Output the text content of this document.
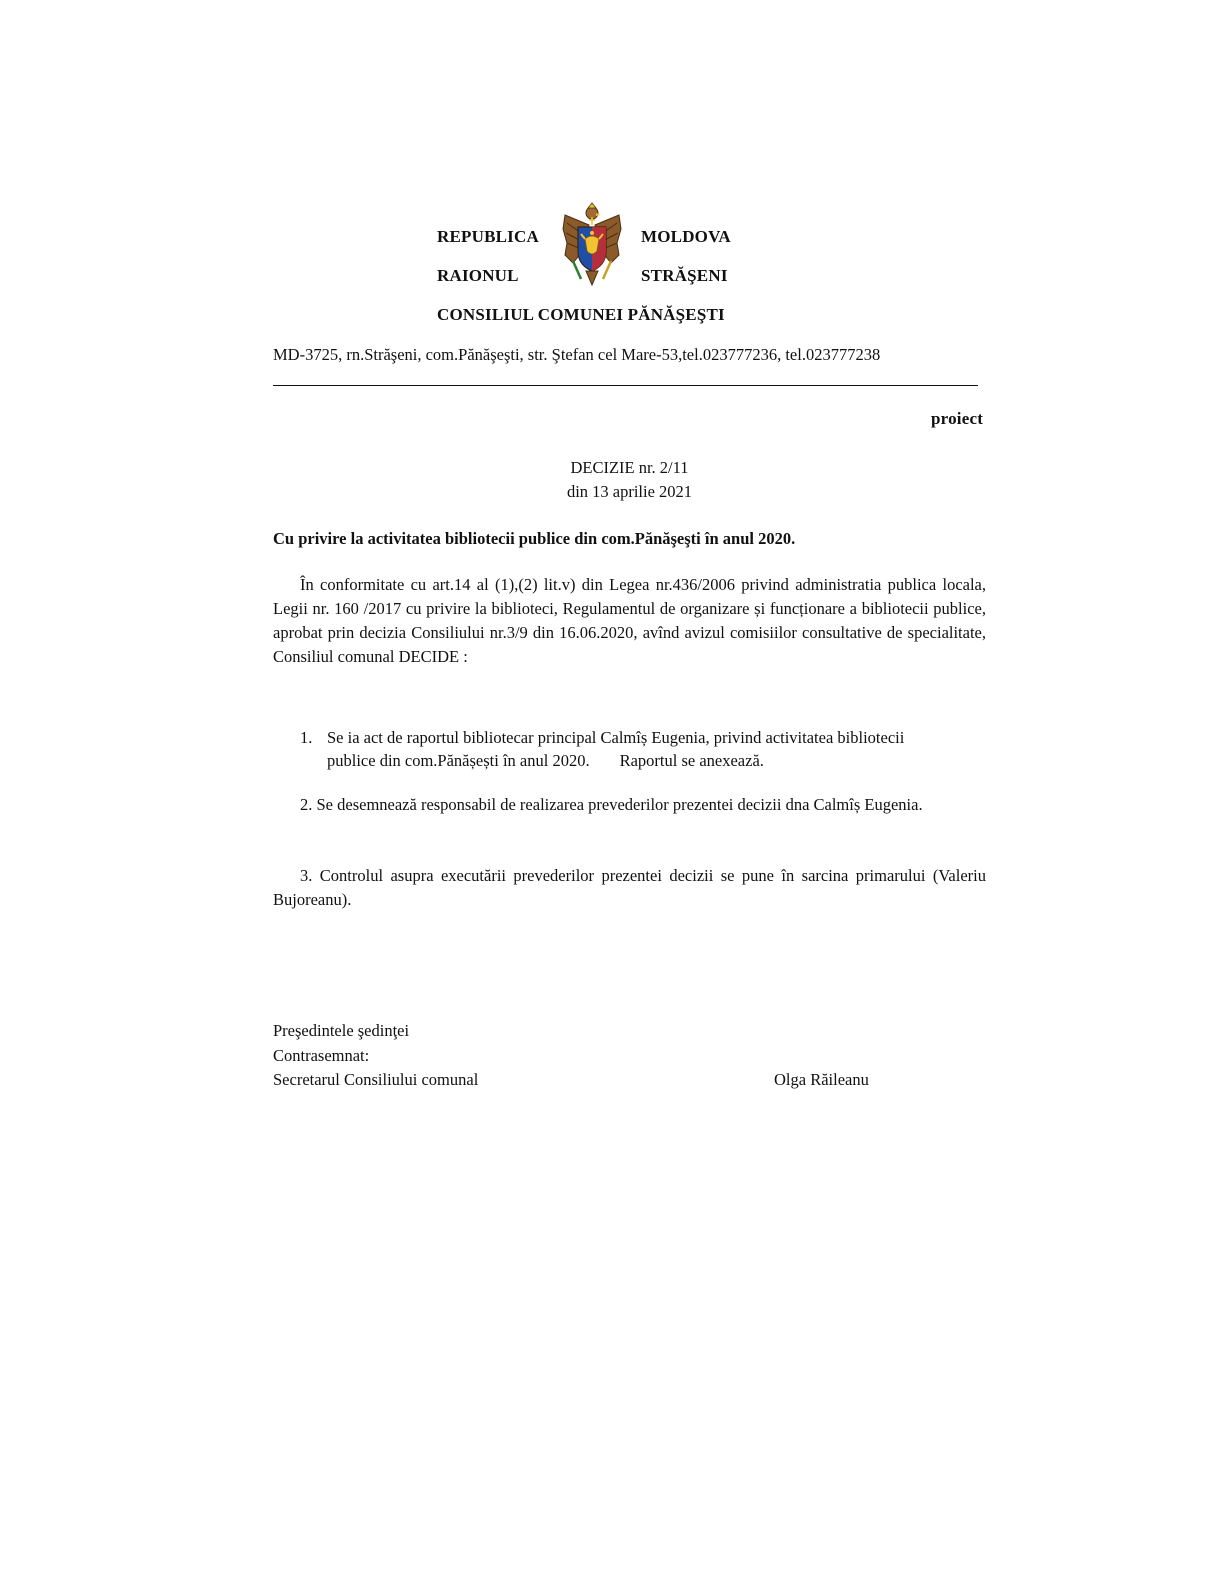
REPUBLICA	MOLDOVA
RAIONUL	STRĂŞENI
CONSILIUL COMUNEI PĂNĂŞEŞTI
MD-3725, rn.Străşeni, com.Pănăşeşti, str. Ştefan cel Mare-53,tel.023777236, tel.023777238
proiect
DECIZIE nr. 2/11
din 13 aprilie 2021
Cu privire la activitatea bibliotecii publice din com.Pănăşeşti în anul 2020.
În conformitate cu art.14 al (1),(2) lit.v) din Legea nr.436/2006 privind administratia publica locala, Legii nr. 160 /2017 cu privire la biblioteci, Regulamentul de organizare și funcționare a bibliotecii publice, aprobat prin decizia Consiliului nr.3/9 din 16.06.2020, avînd avizul comisiilor consultative de specialitate, Consiliul comunal DECIDE :
1. Se ia act de raportul bibliotecar principal Calmîș Eugenia, privind activitatea bibliotecii
publice din com.Pănășești în anul 2020. Raportul se anexează.
2. Se desemnează responsabil de realizarea prevederilor prezentei decizii dna Calmîș Eugenia.
3. Controlul asupra executării prevederilor prezentei decizii se pune în sarcina primarului (Valeriu Bujoreanu).
Preşedintele şedinţei
Contrasemnat:
Secretarul Consiliului comunal	Olga Răileanu
